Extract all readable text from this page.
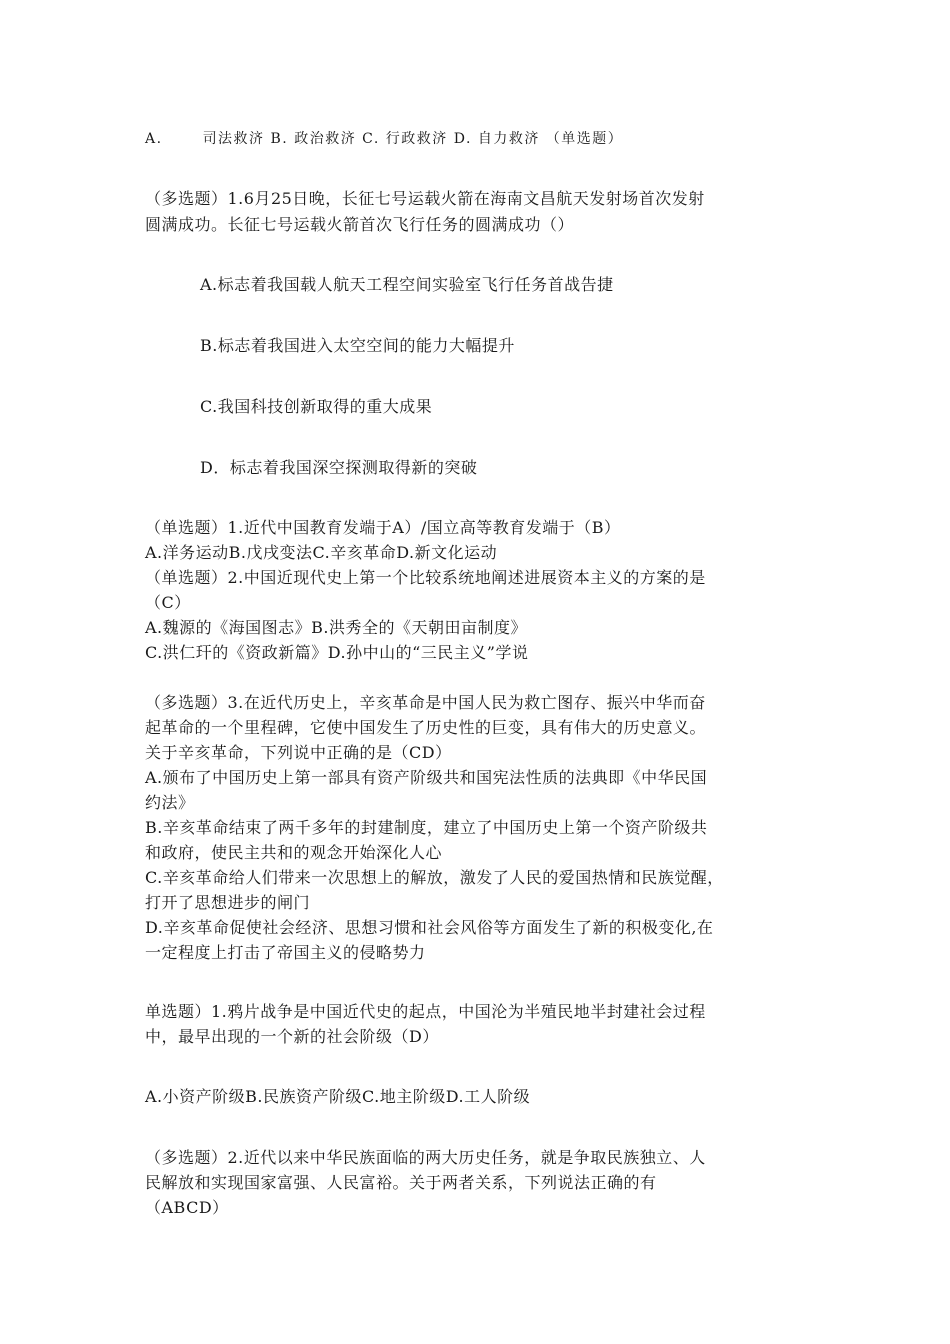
A.	司法救济 B. 政治救济 C. 行政救济 D. 自力救济 （单选题）
（多选题）1.6月25日晚，长征七号运载火箭在海南文昌航天发射场首次发射
圆满成功。长征七号运载火箭首次飞行任务的圆满成功（）
A.标志着我国载人航天工程空间实验室飞行任务首战告捷
B.标志着我国进入太空空间的能力大幅提升
C.我国科技创新取得的重大成果
D．标志着我国深空探测取得新的突破
（单选题）1.近代中国教育发端于A）/国立高等教育发端于（B）
A.洋务运动B.戊戌变法C.辛亥革命D.新文化运动
（单选题）2.中国近现代史上第一个比较系统地阐述进展资本主义的方案的是
（C）
A.魏源的《海国图志》B.洪秀全的《天朝田亩制度》
C.洪仁玕的《资政新篇》D.孙中山的“三民主义”学说
（多选题）3.在近代历史上，辛亥革命是中国人民为救亡图存、振兴中华而奋
起革命的一个里程碑，它使中国发生了历史性的巨变，具有伟大的历史意义。
关于辛亥革命，下列说中正确的是（CD）
A.颁布了中国历史上第一部具有资产阶级共和国宪法性质的法典即《中华民国
约法》
B.辛亥革命结束了两千多年的封建制度，建立了中国历史上第一个资产阶级共
和政府，使民主共和的观念开始深化人心
C.辛亥革命给人们带来一次思想上的解放，激发了人民的爱国热情和民族觉醒，
打开了思想进步的闸门
D.辛亥革命促使社会经济、思想习惯和社会风俗等方面发生了新的积极变化,在
一定程度上打击了帝国主义的侵略势力
单选题）1.鸦片战争是中国近代史的起点，中国沦为半殖民地半封建社会过程
中，最早出现的一个新的社会阶级（D）
A.小资产阶级B.民族资产阶级C.地主阶级D.工人阶级
（多选题）2.近代以来中华民族面临的两大历史任务，就是争取民族独立、人
民解放和实现国家富强、人民富裕。关于两者关系，下列说法正确的有
（ABCD）
